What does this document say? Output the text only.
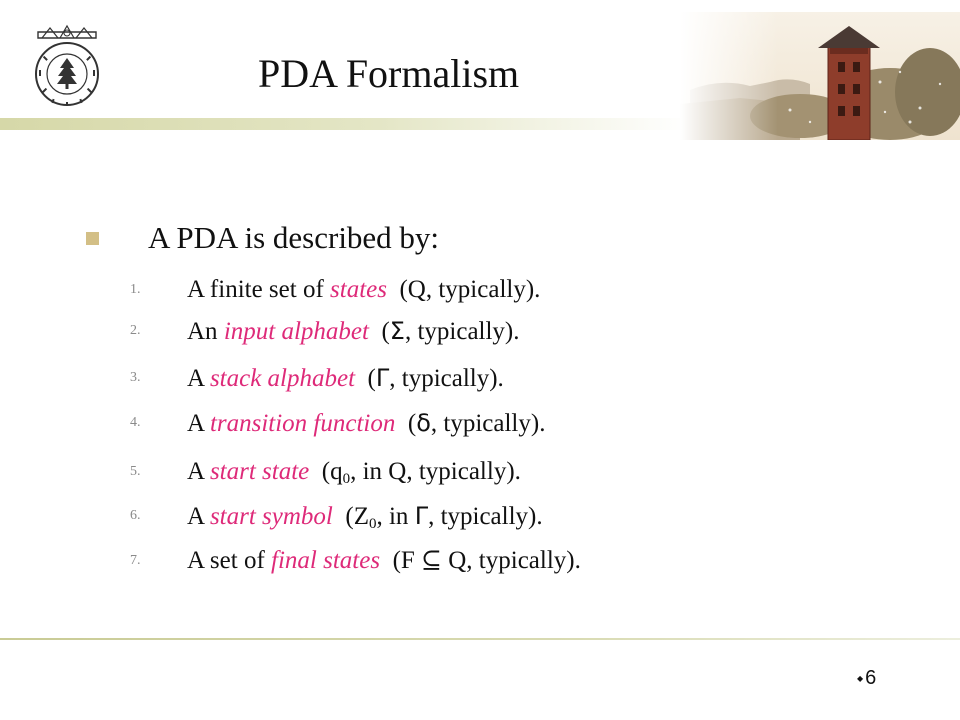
PDA Formalism
A PDA is described by:
1.	A finite set of states  (Q, typically).
2.	An input alphabet  (Σ, typically).
3.	A stack alphabet  (Γ, typically).
4.	A transition function  (δ, typically).
5.	A start state  ($q_0$, in Q, typically).
6.	A start symbol  ($Z_0$, in Γ, typically).
7.	A set of final states  (F ⊆ Q, typically).
◆ 6
